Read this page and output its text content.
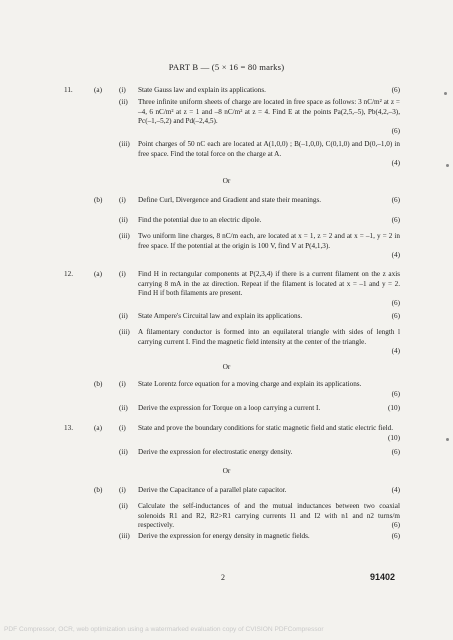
PART B — (5 × 16 = 80 marks)
11.	(a) (i) State Gauss law and explain its applications.	(6)
(ii) Three infinite uniform sheets of charge are located in free space as follows: 3 nC/m² at z = –4, 6 nC/m² at z = 1 and –8 nC/m² at z = 4. Find E at the points Pa(2,5,–5), Pb(4,2,–3), Pc(–1,–5,2) and Pd(–2,4,5).
(6)
(iii) Point charges of 50 nC each are located at A(1,0,0) ; B(–1,0,0), C(0,1,0) and D(0,–1,0) in free space. Find the total force on the charge at A.
(4)
Or
(b) (i) Define Curl, Divergence and Gradient and state their meanings.	(6)
(ii) Find the potential due to an electric dipole.	(6)
(iii) Two uniform line charges, 8 nC/m each, are located at x = 1, z = 2 and at x = –1, y = 2 in free space. If the potential at the origin is 100 V, find V at P(4,1,3).
(4)
12.	(a) (i) Find H in rectangular components at P(2,3,4) if there is a current filament on the z axis carrying 8 mA in the az direction. Repeat if the filament is located at x = –1 and y = 2. Find H if both filaments are present.
(6)
(ii) State Ampere's Circuital law and explain its applications.	(6)
(iii) A filamentary conductor is formed into an equilateral triangle with sides of length l carrying current I. Find the magnetic field intensity at the center of the triangle.
(4)
Or
(b) (i) State Lorentz force equation for a moving charge and explain its applications.
(6)
(ii) Derive the expression for Torque on a loop carrying a current I.	(10)
13.	(a) (i) State and prove the boundary conditions for static magnetic field and static electric field.
(10)
(ii) Derive the expression for electrostatic energy density.	(6)
Or
(b) (i) Derive the Capacitance of a parallel plate capacitor.	(4)
(ii) Calculate the self-inductances of and the mutual inductances between two coaxial solenoids R1 and R2, R2>R1 carrying currents I1 and I2 with n1 and n2 turns/m respectively.	(6)
(iii) Derive the expression for energy density in magnetic fields.	(6)
2	91402
PDF Compressor, OCR, web optimization using a watermarked evaluation copy of CVISION PDFCompressor
